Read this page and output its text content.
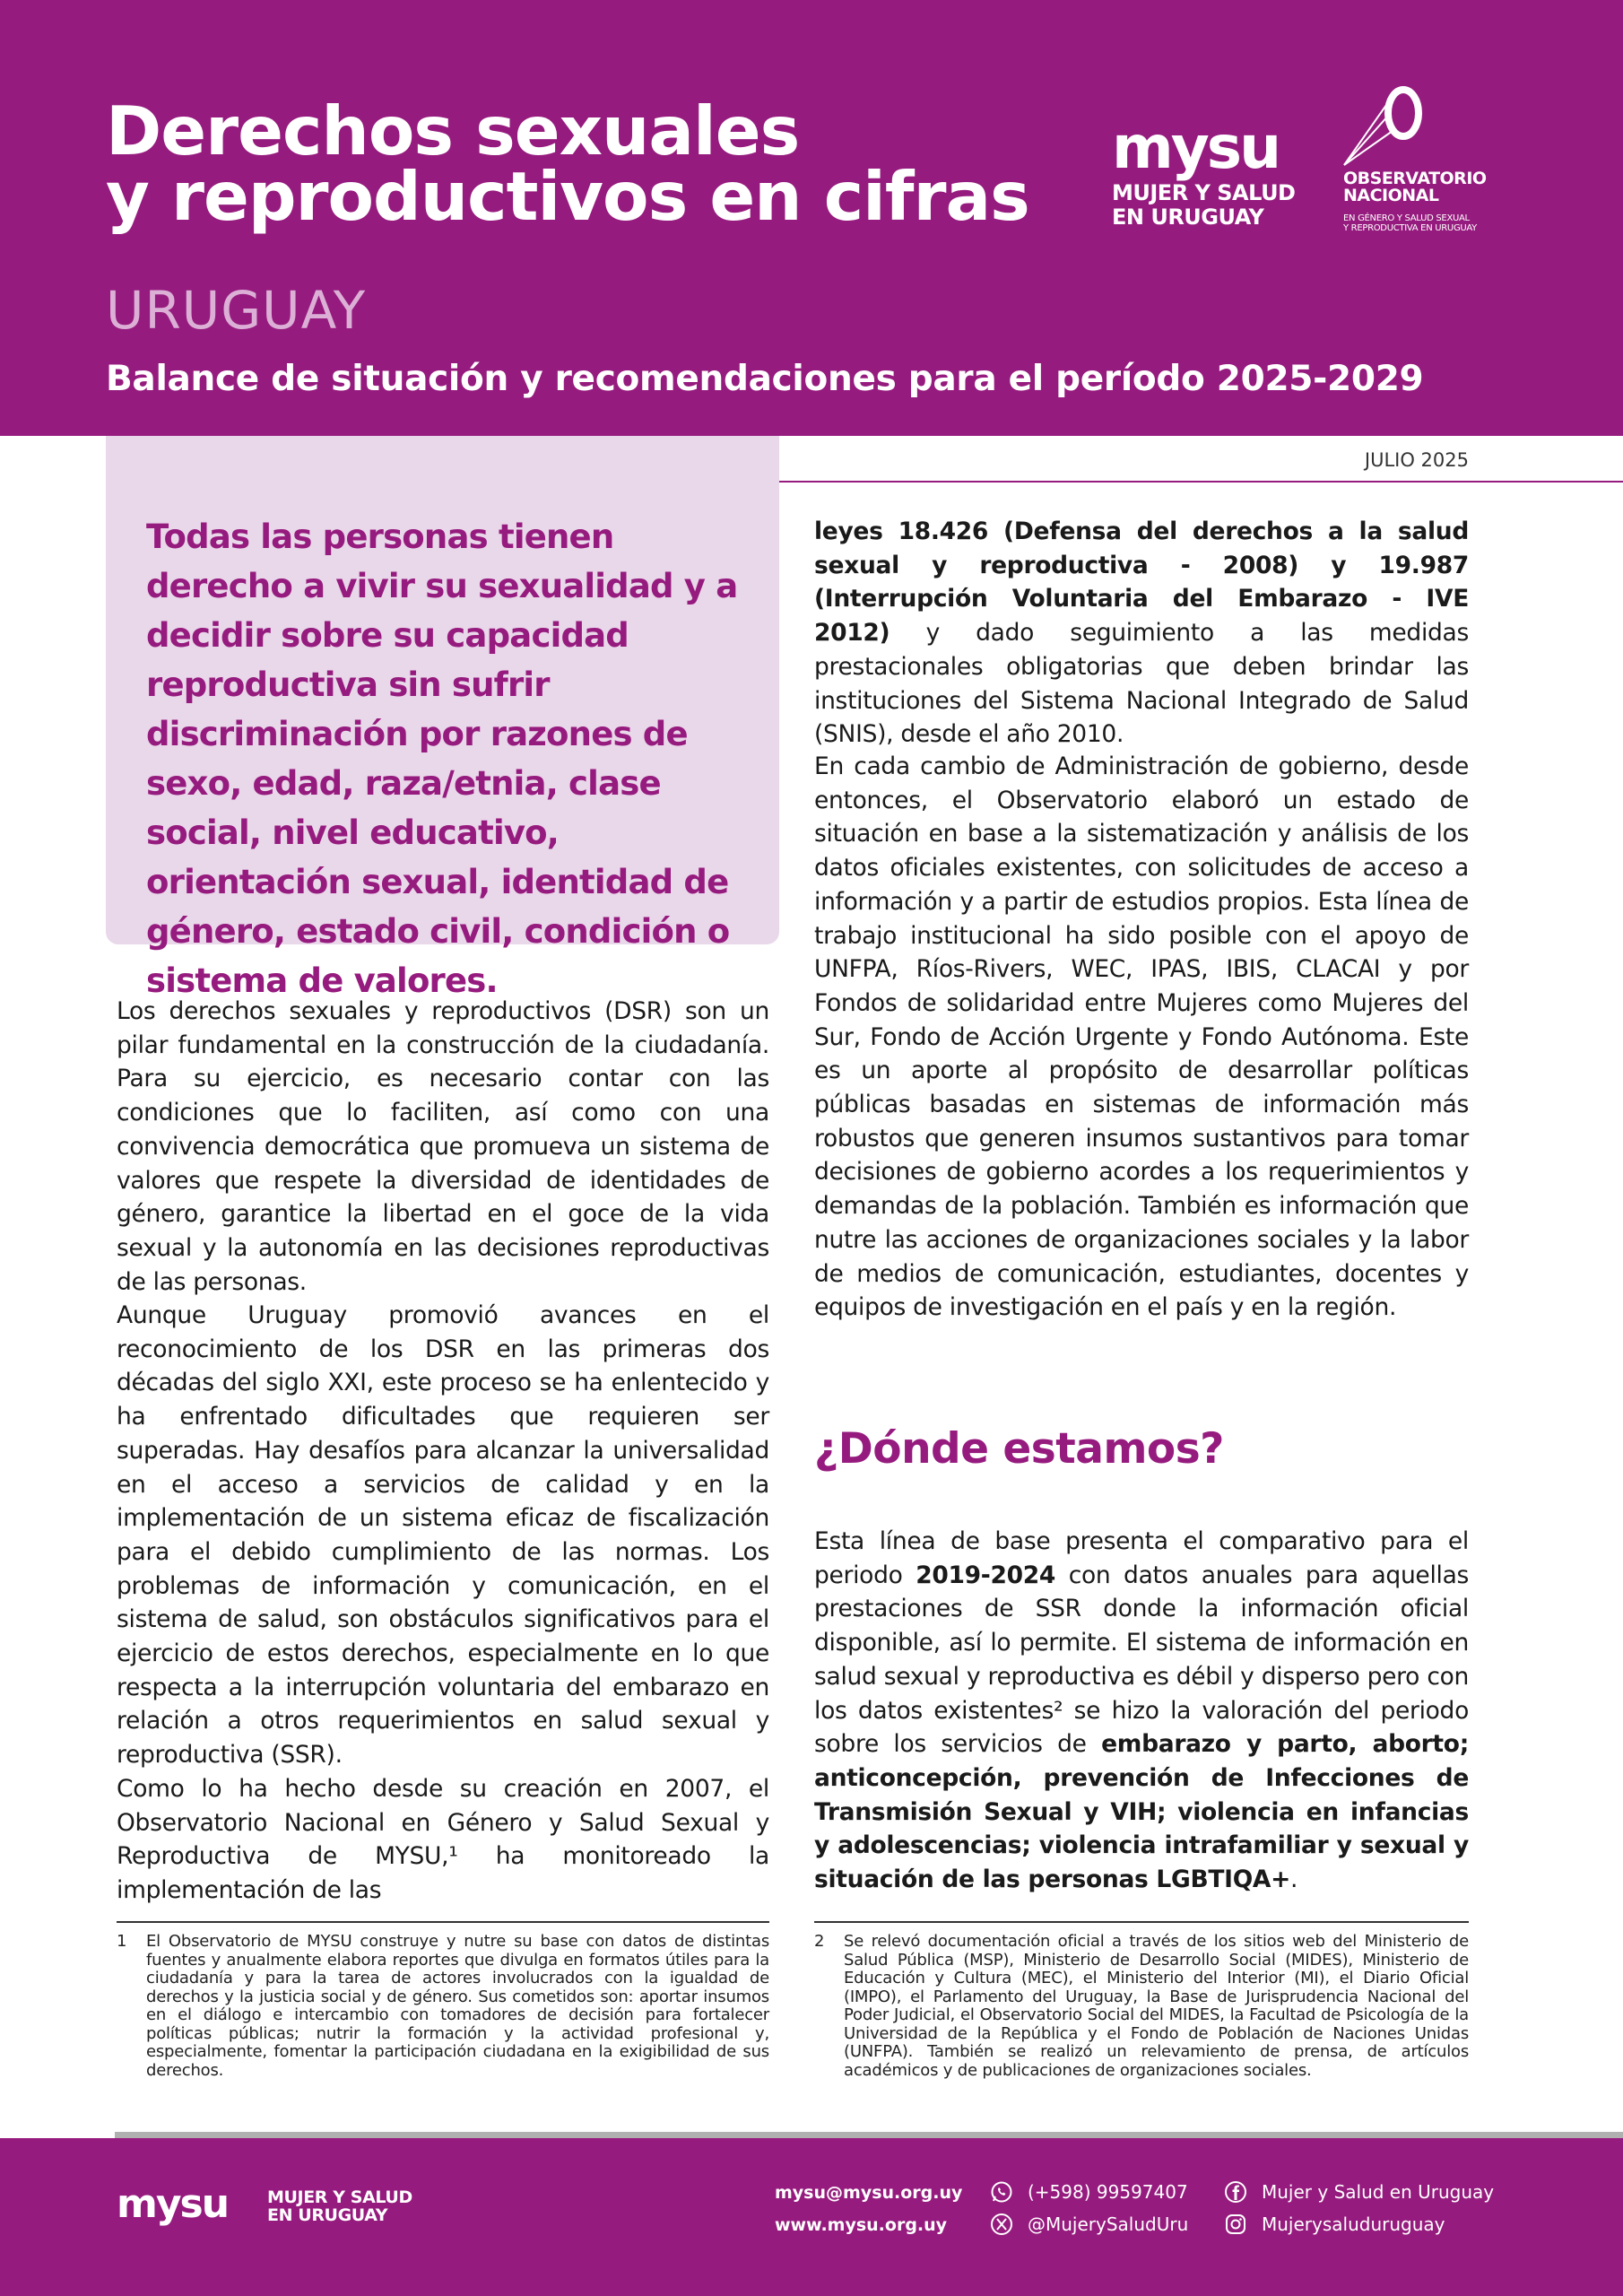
Derechos sexuales
y reproductivos en cifras
URUGUAY
Balance de situación y recomendaciones para el período 2025-2029
mysu
MUJER Y SALUD
EN URUGUAY
OBSERVATORIO
NACIONAL
EN GÉNERO Y SALUD SEXUAL
Y REPRODUCTIVA EN URUGUAY

Todas las personas tienen derecho a vivir su sexualidad y a decidir sobre su capacidad reproductiva sin sufrir discriminación por razones de sexo, edad, raza/etnia, clase social, nivel educativo, orientación sexual, identidad de género, estado civil, condición o sistema de valores.

JULIO 2025

Los derechos sexuales y reproductivos (DSR) son un pilar fundamental en la construcción de la ciudadanía. Para su ejercicio, es necesario contar con las condiciones que lo faciliten, así como con una convivencia democrática que promueva un sistema de valores que respete la diversidad de identidades de género, garantice la libertad en el goce de la vida sexual y la autonomía en las decisiones reproductivas de las personas.

Aunque Uruguay promovió avances en el reconocimiento de los DSR en las primeras dos décadas del siglo XXI, este proceso se ha enlentecido y ha enfrentado dificultades que requieren ser superadas. Hay desafíos para alcanzar la universalidad en el acceso a servicios de calidad y en la implementación de un sistema eficaz de fiscalización para el debido cumplimiento de las normas. Los problemas de información y comunicación, en el sistema de salud, son obstáculos significativos para el ejercicio de estos derechos, especialmente en lo que respecta a la interrupción voluntaria del embarazo en relación a otros requerimientos en salud sexual y reproductiva (SSR).

Como lo ha hecho desde su creación en 2007, el Observatorio Nacional en Género y Salud Sexual y Reproductiva de MYSU,¹ ha monitoreado la implementación de las

leyes 18.426 (Defensa del derechos a la salud sexual y reproductiva - 2008) y 19.987 (Interrupción Voluntaria del Embarazo - IVE 2012) y dado seguimiento a las medidas prestacionales obligatorias que deben brindar las instituciones del Sistema Nacional Integrado de Salud (SNIS), desde el año 2010.

En cada cambio de Administración de gobierno, desde entonces, el Observatorio elaboró un estado de situación en base a la sistematización y análisis de los datos oficiales existentes, con solicitudes de acceso a información y a partir de estudios propios. Esta línea de trabajo institucional ha sido posible con el apoyo de UNFPA, Ríos-Rivers, WEC, IPAS, IBIS, CLACAI y por Fondos de solidaridad entre Mujeres como Mujeres del Sur, Fondo de Acción Urgente y Fondo Autónoma. Este es un aporte al propósito de desarrollar políticas públicas basadas en sistemas de información más robustos que generen insumos sustantivos para tomar decisiones de gobierno acordes a los requerimientos y demandas de la población. También es información que nutre las acciones de organizaciones sociales y la labor de medios de comunicación, estudiantes, docentes y equipos de investigación en el país y en la región.

¿Dónde estamos?

Esta línea de base presenta el comparativo para el periodo 2019-2024 con datos anuales para aquellas prestaciones de SSR donde la información oficial disponible, así lo permite. El sistema de información en salud sexual y reproductiva es débil y disperso pero con los datos existentes² se hizo la valoración del periodo sobre los servicios de embarazo y parto, aborto; anticoncepción, prevención de Infecciones de Transmisión Sexual y VIH; violencia en infancias y adolescencias; violencia intrafamiliar y sexual y situación de las personas LGBTIQA+.

1 El Observatorio de MYSU construye y nutre su base con datos de distintas fuentes y anualmente elabora reportes que divulga en formatos útiles para la ciudadanía y para la tarea de actores involucrados con la igualdad de derechos y la justicia social y de género. Sus cometidos son: aportar insumos en el diálogo e intercambio con tomadores de decisión para fortalecer políticas públicas; nutrir la formación y la actividad profesional y, especialmente, fomentar la participación ciudadana en la exigibilidad de sus derechos.
2 Se relevó documentación oficial a través de los sitios web del Ministerio de Salud Pública (MSP), Ministerio de Desarrollo Social (MIDES), Ministerio de Educación y Cultura (MEC), el Ministerio del Interior (MI), el Diario Oficial (IMPO), el Parlamento del Uruguay, la Base de Jurisprudencia Nacional del Poder Judicial, el Observatorio Social del MIDES, la Facultad de Psicología de la Universidad de la República y el Fondo de Población de Naciones Unidas (UNFPA). También se realizó un relevamiento de prensa, de artículos académicos y de publicaciones de organizaciones sociales.
mysu MUJER Y SALUD
EN URUGUAY
mysu@mysu.org.uy
www.mysu.org.uy
(+598) 99597407
@MujerySaludUru
Mujer y Salud en Uruguay
Mujerysaluduruguay
